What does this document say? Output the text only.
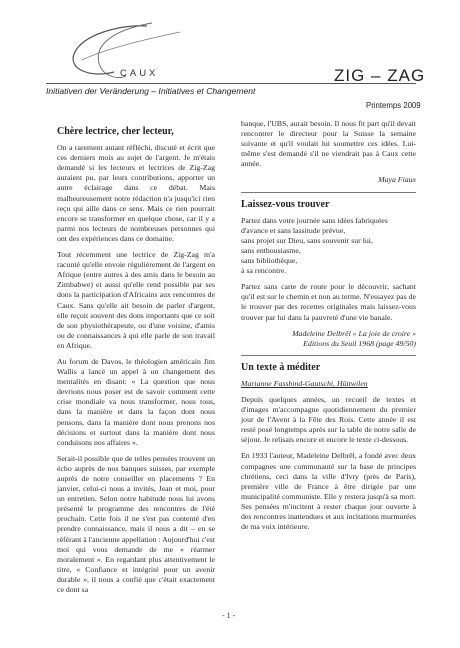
CAUX
Initiativen der Veränderung – Initiatives et Changement
ZIG – ZAG
Printemps 2009
Chère lectrice, cher lecteur,

On a rarement autant réfléchi, discuté et écrit que ces derniers mois au sujet de l'argent. Je m'étais demandé si les lecteurs et lectrices de Zig-Zag auraient pu, par leurs contributions, apporter un autre éclairage dans ce débat. Mais malheureusement notre rédaction n'a jusqu'ici rien reçu qui aille dans ce sens. Mais ce rien pourrait encore se transformer en quelque chose, car il y a parmi nos lecteurs de nombreuses personnes qui ont des expériences dans ce domaine.

Tout récemment une lectrice de Zig-Zag m'a raconté qu'elle envoie régulièrement de l'argent en Afrique (entre autres à des amis dans le besoin au Zimbabwe) et aussi qu'elle rend possible par ses dons la participation d'Africains aux rencontres de Caux. Sans qu'elle ait besoin de parler d'argent, elle reçoit souvent des dons importants que ce soit de son physiothérapeute, ou d'une voisine, d'amis ou de connaissances à qui elle parle de son travail en Afrique.

Au forum de Davos, le théologien américain Jim Wallis a lancé un appel à un changement des mentalités en disant: « La question que nous devrions nous poser est de savoir comment cette crise mondiale va nous transformer, nous tous, dans la manière et dans la façon dont nous pensons, dans la manière dont nous prenons nos décisions et surtout dans la manière dont nous conduisons nos affaires ».

Serait-il possible que de telles pensées trouvent un écho auprès de nos banques suisses, par exemple auprès de notre conseiller en placements ? En janvier, celui-ci nous a invités, Jean et moi, pour un entretien. Selon notre habitude nous lui avons présenté le programme des rencontres de l'été prochain. Cette fois il ne s'est pas contenté d'en prendre connaissance, mais il nous a dit – en se référant à l'ancienne appellation : Aujourd'hui c'est moi qui vous demande de me « réarmer moralement ». En regardant plus attentivement le titre, « Confiance et intégrité pour un avenir durable », il nous a confié que c'était exactement ce dont sa

banque, l'UBS, aurait besoin. Il nous fit part qu'il devait rencontrer le directeur pour la Suisse la semaine suivante et qu'il voulait lui soumettre ces idées. Lui-même s'est demandé s'il ne viendrait pas à Caux cette année.

Maya Fiaux

Laissez-vous trouver

Partez dans votre journée sans idées fabriquées
d'avance et sans lassitude prévue,
sans projet sur Dieu, sans souvenir sur lui,
sans enthousiasme,
sans bibliothèque,
à sa rencontre.

Partez sans carte de route pour le découvrir, sachant qu'il est sur le chemin et non au terme. N'essayez pas de le trouver par des recettes originales mais laissez-vous trouver par lui dans la pauvreté d'une vie banale.

Madeleine Delbrêl « La joie de croire »
Editions du Seuil 1968 (page 49/50)

Un texte à méditer

Marianne Fassbind-Gautschi, Hüttwilen

Depuis quelques années, un recueil de textes et d'images m'accompagne quotidiennement du premier jour de l'Avent à la Fête des Rois. Cette année il est resté posé longtemps après sur la table de notre salle de séjour. Je relisais encore et encore le texte ci-dessous.

En 1933 l'auteur, Madeleine Delbrêl, a fondé avec deux compagnes une communauté sur la base de principes chrétiens, ceci dans la ville d'Ivry (près de Paris), première ville de France à être dirigée par une municipalité communiste. Elle y restera jusqu'à sa mort. Ses pensées m'incitent à rester chaque jour ouverte à des rencontres inattendues et aux incitations murmurées de ma voix intérieure.

- 1 -
